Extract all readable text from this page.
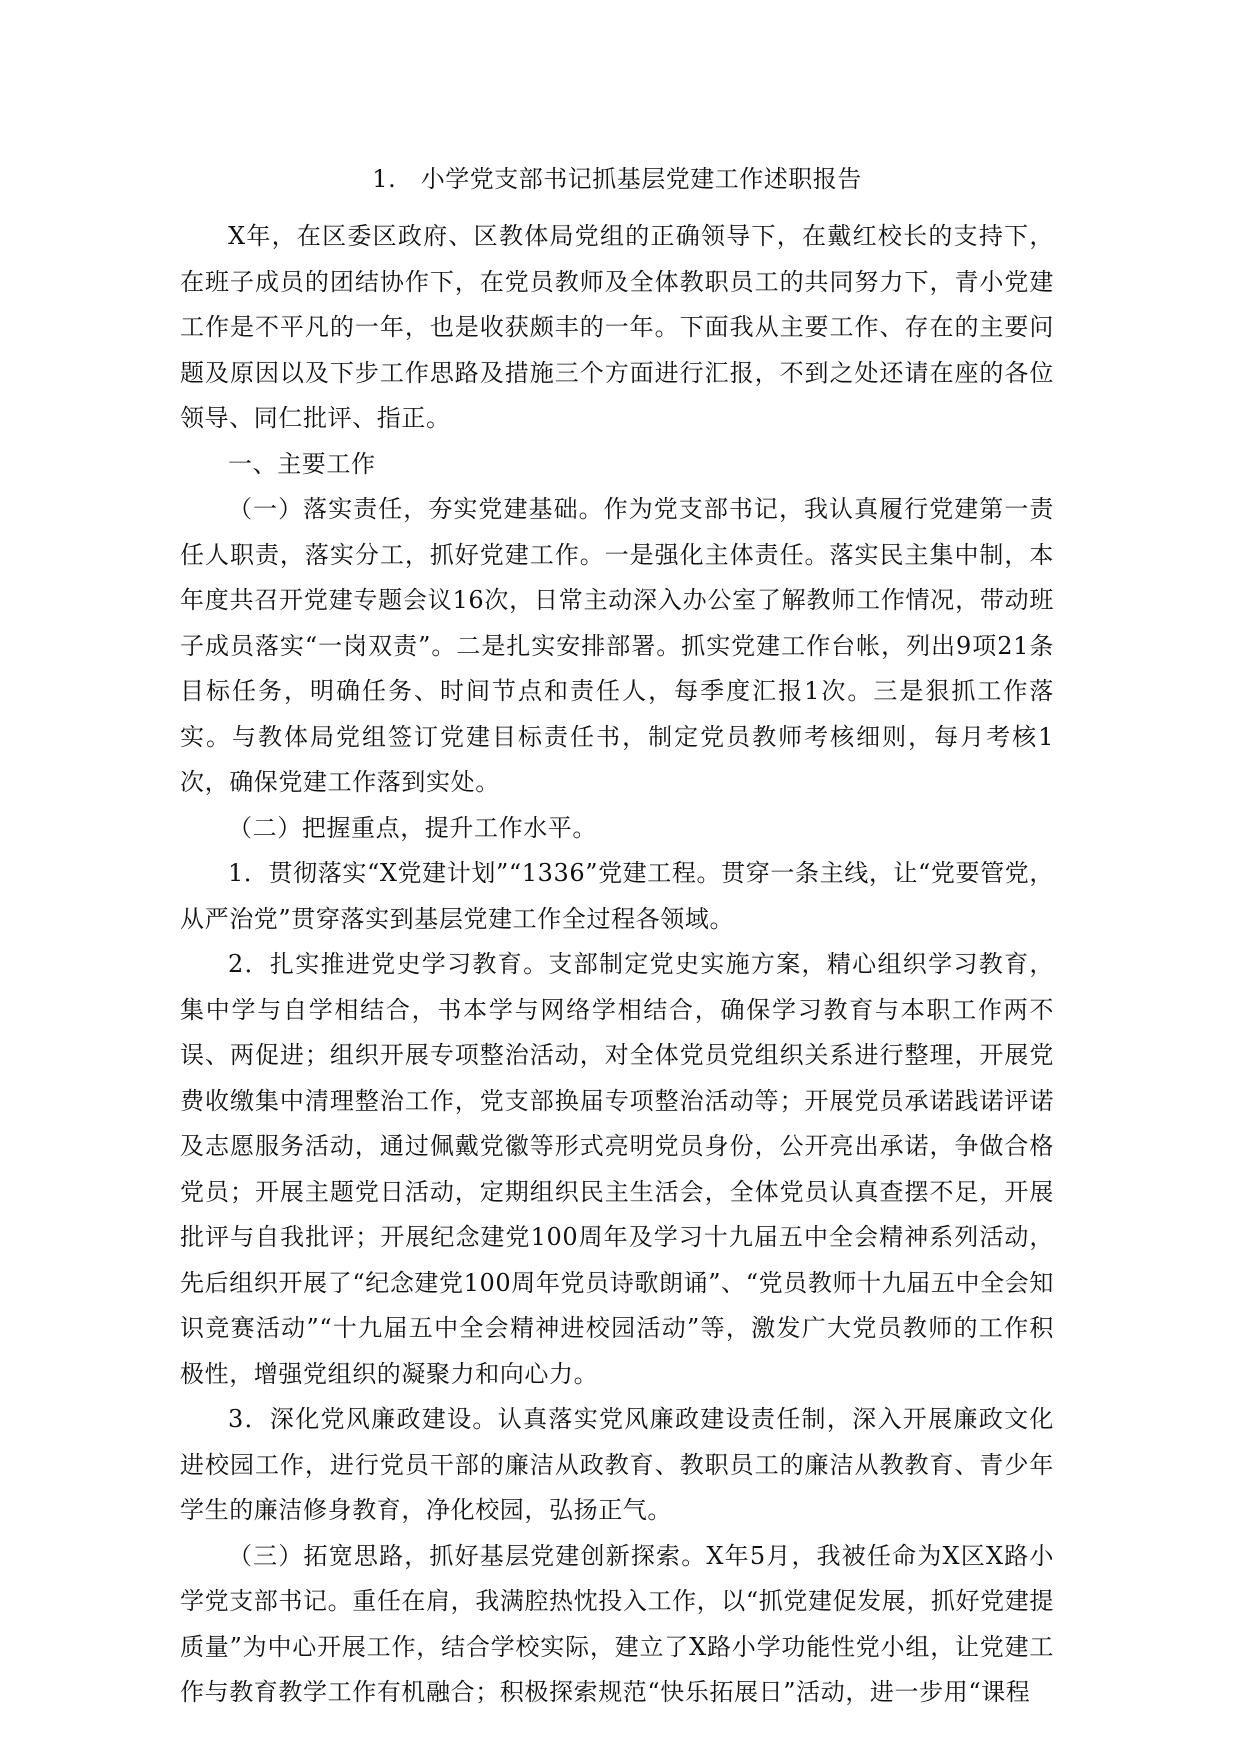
1.　小学党支部书记抓基层党建工作述职报告

X年，在区委区政府、区教体局党组的正确领导下，在戴红校长的支持下，在班子成员的团结协作下，在党员教师及全体教职员工的共同努力下，青小党建工作是不平凡的一年，也是收获颇丰的一年。下面我从主要工作、存在的主要问题及原因以及下步工作思路及措施三个方面进行汇报，不到之处还请在座的各位领导、同仁批评、指正。

一、主要工作

（一）落实责任，夯实党建基础。作为党支部书记，我认真履行党建第一责任人职责，落实分工，抓好党建工作。一是强化主体责任。落实民主集中制，本年度共召开党建专题会议16次，日常主动深入办公室了解教师工作情况，带动班子成员落实“一岗双责”。二是扎实安排部署。抓实党建工作台帐，列出9项21条目标任务，明确任务、时间节点和责任人，每季度汇报1次。三是狠抓工作落实。与教体局党组签订党建目标责任书，制定党员教师考核细则，每月考核1次，确保党建工作落到实处。

（二）把握重点，提升工作水平。

1．贯彻落实“X党建计划”“1336”党建工程。贯穿一条主线，让“党要管党，从严治党”贯穿落实到基层党建工作全过程各领域。

2．扎实推进党史学习教育。支部制定党史实施方案，精心组织学习教育，集中学与自学相结合，书本学与网络学相结合，确保学习教育与本职工作两不误、两促进；组织开展专项整治活动，对全体党员党组织关系进行整理，开展党费收缴集中清理整治工作，党支部换届专项整治活动等；开展党员承诺践诺评诺及志愿服务活动，通过佩戴党徽等形式亮明党员身份，公开亮出承诺，争做合格党员；开展主题党日活动，定期组织民主生活会，全体党员认真查摆不足，开展批评与自我批评；开展纪念建党100周年及学习十九届五中全会精神系列活动，先后组织开展了“纪念建党100周年党员诗歌朗诵”、“党员教师十九届五中全会知识竞赛活动”“十九届五中全会精神进校园活动”等，激发广大党员教师的工作积极性，增强党组织的凝聚力和向心力。

3．深化党风廉政建设。认真落实党风廉政建设责任制，深入开展廉政文化进校园工作，进行党员干部的廉洁从政教育、教职员工的廉洁从教教育、青少年学生的廉洁修身教育，净化校园，弘扬正气。

（三）拓宽思路，抓好基层党建创新探索。X年5月，我被任命为X区X路小学党支部书记。重任在肩，我满腔热忱投入工作，以“抓党建促发展，抓好党建提质量”为中心开展工作，结合学校实际，建立了X路小学功能性党小组，让党建工作与教育教学工作有机融合；积极探索规范“快乐拓展日”活动，进一步用“课程
